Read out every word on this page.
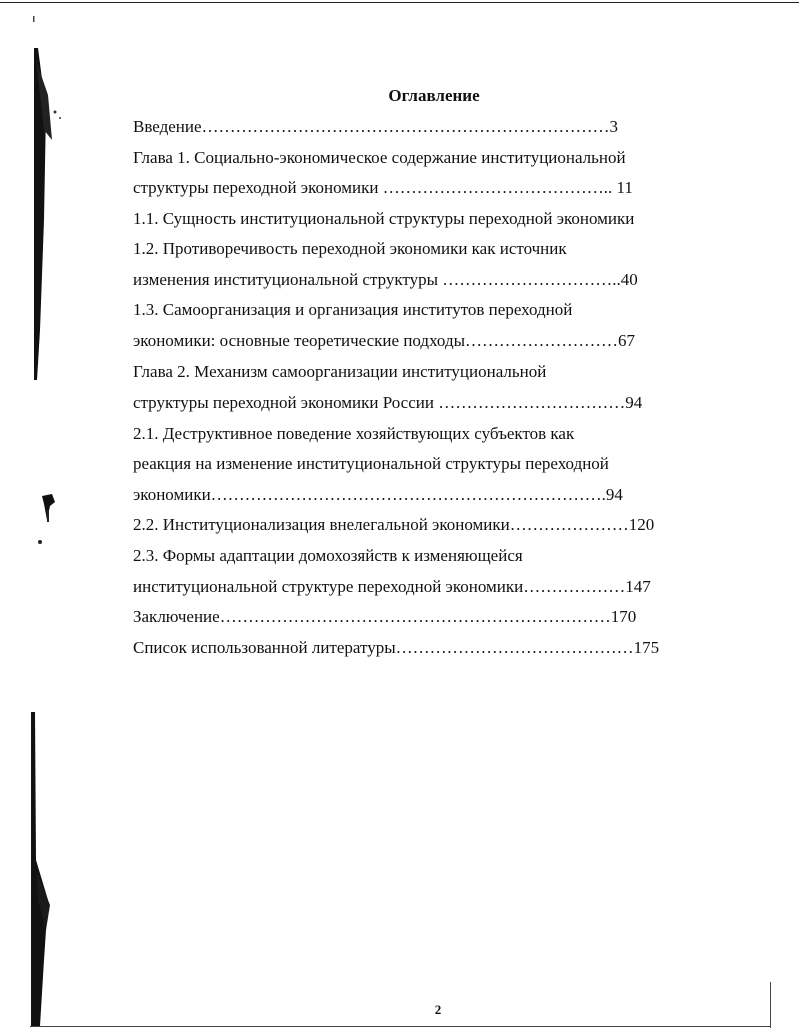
Оглавление
Введение………………………………………………………………3
Глава 1. Социально-экономическое содержание институциональной
структуры переходной экономики ………………………………….. 11
1.1. Сущность институциональной структуры переходной экономики
1.2. Противоречивость переходной экономики как источник
изменения институциональной структуры …………………………..40
1.3. Самоорганизация и организация институтов переходной
экономики: основные теоретические подходы………………………67
Глава 2. Механизм самоорганизации институциональной
структуры переходной экономики России ……………………………94
2.1. Деструктивное поведение хозяйствующих субъектов как
реакция на изменение институциональной структуры переходной
экономики…………………………………………………………….94
2.2. Институционализация внелегальной экономики…………………120
2.3. Формы адаптации домохозяйств к изменяющейся
институциональной структуре переходной экономики………………147
Заключение……………………………………………………………170
Список использованной литературы……………………………………175
2
